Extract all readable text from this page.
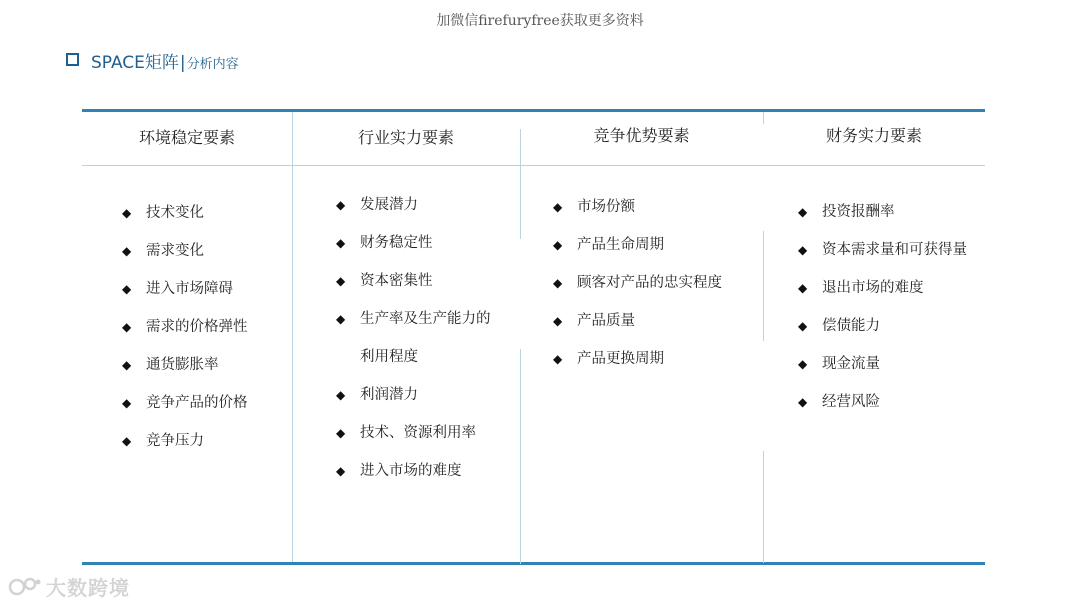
加微信firefuryfree获取更多资料
SPACE矩阵 | 分析内容
环境稳定要素	行业实力要素	竞争优势要素	财务实力要素
◆ 技术变化
◆ 需求变化
◆ 进入市场障碍
◆ 需求的价格弹性
◆ 通货膨胀率
◆ 竞争产品的价格
◆ 竞争压力
◆ 发展潜力
◆ 财务稳定性
◆ 资本密集性
◆ 生产率及生产能力的
利用程度
◆ 利润潜力
◆ 技术、资源利用率
◆ 进入市场的难度
◆ 市场份额
◆ 产品生命周期
◆ 顾客对产品的忠实程度
◆ 产品质量
◆ 产品更换周期
◆ 投资报酬率
◆ 资本需求量和可获得量
◆ 退出市场的难度
◆ 偿债能力
◆ 现金流量
◆ 经营风险
大数跨境
